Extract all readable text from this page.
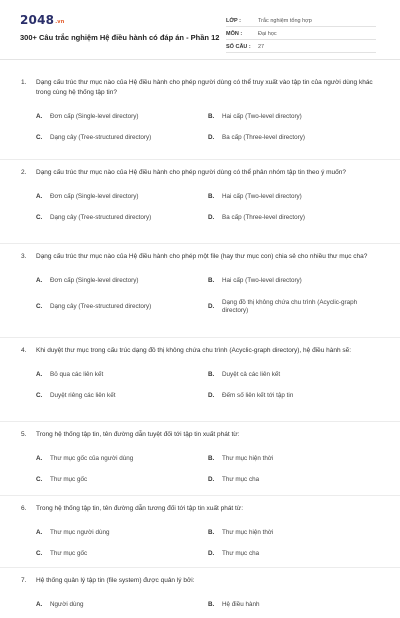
2048.vn
300+ Câu trắc nghiệm Hệ điều hành có đáp án - Phần 12
LỚP :	Trắc nghiệm tổng hợp
MÔN :	Đại học
SỐ CÂU :	27
1.	Dạng cấu trúc thư mục nào của Hệ điều hành cho phép người dùng có thể truy xuất vào tập tin của người dùng khác trong cùng hệ thống tập tin?
A.	Đơn cấp (Single-level directory)	B.	Hai cấp (Two-level directory)
C.	Dạng cây (Tree-structured directory)	D.	Ba cấp (Three-level directory)
2.	Dạng cấu trúc thư mục nào của Hệ điều hành cho phép người dùng có thể phân nhóm tập tin theo ý muốn?
A.	Đơn cấp (Single-level directory)	B.	Hai cấp (Two-level directory)
C.	Dạng cây (Tree-structured directory)	D.	Ba cấp (Three-level directory)
3.	Dạng cấu trúc thư mục nào của Hệ điều hành cho phép một file (hay thư mục con) chia sẻ cho nhiều thư mục cha?
A.	Đơn cấp (Single-level directory)	B.	Hai cấp (Two-level directory)
C.	Dạng cây (Tree-structured directory)	D.
Dạng đồ thị không chứa chu trình (Acyclic-graph directory)
4.	Khi duyệt thư mục trong cấu trúc dạng đồ thị không chứa chu trình (Acyclic-graph directory), hệ điều hành sẽ:
A.	Bỏ qua các liên kết	B.	Duyệt cả các liên kết
C.	Duyệt riêng các liên kết	D.	Đếm số liên kết tới tập tin
5.	Trong hệ thống tập tin, tên đường dẫn tuyệt đối tới tập tin xuất phát từ:
A.	Thư mục gốc của người dùng	B.	Thư mục hiện thời
C.	Thư mục gốc	D.	Thư mục cha
6.	Trong hệ thống tập tin, tên đường dẫn tương đối tới tập tin xuất phát từ:
A.	Thư mục người dùng	B.	Thư mục hiện thời
C.	Thư mục gốc	D.	Thư mục cha
7.	Hệ thống quản lý tập tin (file system) được quản lý bởi:
A.	Người dùng	B.	Hệ điều hành
